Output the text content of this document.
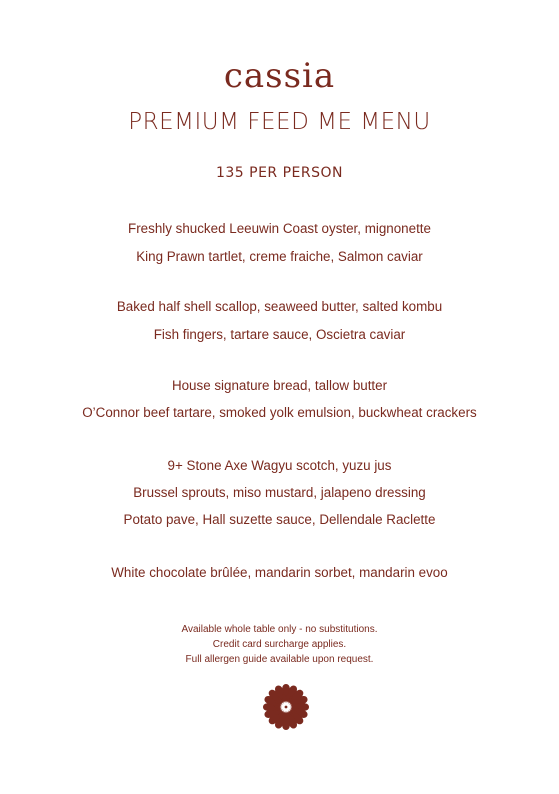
cassia
PREMIUM FEED ME MENU
135 PER PERSON
Freshly shucked Leeuwin Coast oyster, mignonette
King Prawn tartlet, creme fraiche, Salmon caviar
Baked half shell scallop, seaweed butter, salted kombu
Fish fingers, tartare sauce, Oscietra caviar
House signature bread, tallow butter
O’Connor beef tartare, smoked yolk emulsion, buckwheat crackers
9+ Stone Axe Wagyu scotch, yuzu jus
Brussel sprouts, miso mustard, jalapeno dressing
Potato pave, Hall suzette sauce, Dellendale Raclette
White chocolate brûlée, mandarin sorbet, mandarin evoo
Available whole table only - no substitutions.
Credit card surcharge applies.
Full allergen guide available upon request.
